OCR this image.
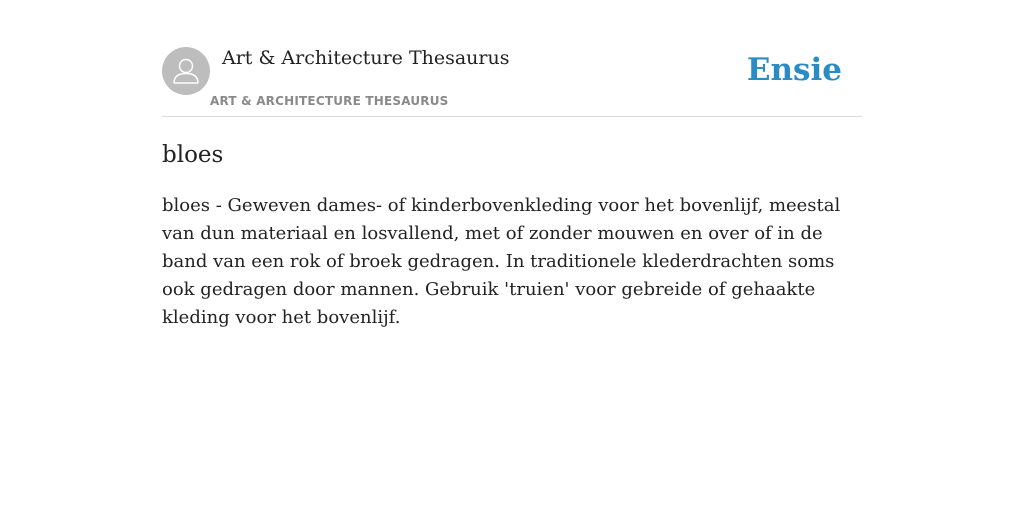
Art & Architecture Thesaurus
ART & ARCHITECTURE THESAURUS
Ensie
bloes

bloes - Geweven dames- of kinderbovenkleding voor het bovenlijf, meestal van dun materiaal en losvallend, met of zonder mouwen en over of in de band van een rok of broek gedragen. In traditionele klederdrachten soms ook gedragen door mannen. Gebruik 'truien' voor gebreide of gehaakte kleding voor het bovenlijf.
